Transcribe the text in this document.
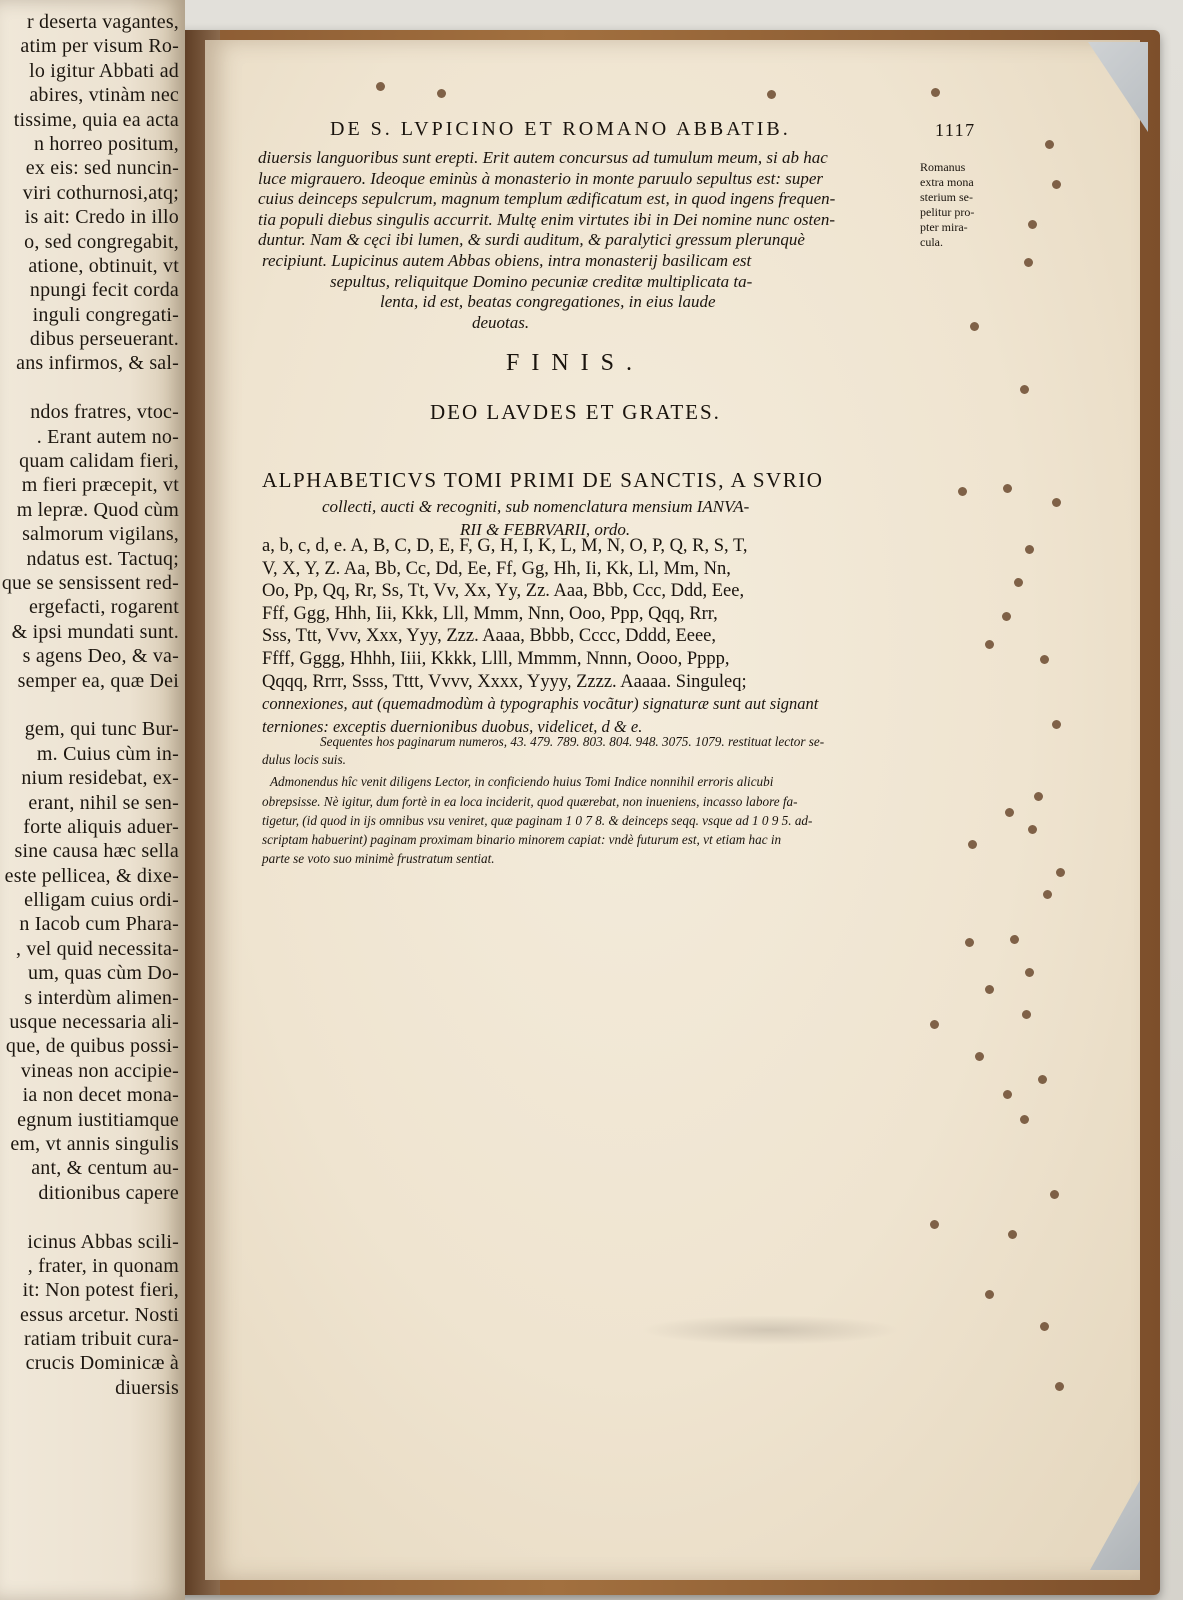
r deserta vagantes,
atim per visum Ro-
lo igitur Abbati ad
abires, vtinàm nec
tissime, quia ea acta
n horreo positum,
ex eis: sed nuncin-
viri cothurnosi,atq;
is ait: Credo in illo
o, sed congregabit,
atione, obtinuit, vt
npungi fecit corda
inguli congregati-
dibus perseuerant.
ans infirmos, & sal-
ndos fratres, vtoc-
. Erant autem no-
quam calidam fieri,
m fieri præcepit, vt
m lepræ. Quod cùm
salmorum vigilans,
ndatus est. Tactuq;
que se sensissent red-
ergefacti, rogarent
& ipsi mundati sunt.
s agens Deo, & va-
semper ea, quæ Dei
gem, qui tunc Bur-
m. Cuius cùm in-
nium residebat, ex-
erant, nihil se sen-
forte aliquis aduer-
sine causa hæc sella
este pellicea, & dixe-
elligam cuius ordi-
n Iacob cum Phara-
, vel quid necessita-
um, quas cùm Do-
s interdùm alimen-
usque necessaria ali-
que, de quibus possi-
vineas non accipie-
ia non decet mona-
egnum iustitiamque
em, vt annis singulis
ant, & centum au-
ditionibus capere
icinus Abbas scili-
, frater, in quonam
it: Non potest fieri,
essus arcetur. Nosti
ratiam tribuit cura-
crucis Dominicæ à
diuersis
DE S. LVPICINO ET ROMANO ABBATIB.	1117
diuersis languoribus sunt erepti. Erit autem concursus ad tumulum meum, si ab hac
luce migrauero. Ideoque eminùs à monasterio in monte paruulo sepultus est: super
cuius deinceps sepulcrum, magnum templum ædificatum est, in quod ingens frequen-
tia populi diebus singulis accurrit. Multę enim virtutes ibi in Dei nomine nunc osten-
duntur. Nam & cęci ibi lumen, & surdi auditum, & paralytici gressum plerunquè
recipiunt. Lupicinus autem Abbas obiens, intra monasterij basilicam est
sepultus, reliquitque Domino pecuniæ creditæ multiplicata ta-
lenta, id est, beatas congregationes, in eius laude
deuotas.
Romanus
extra mona
sterium se-
pelitur pro-
pter mira-
cula.
FINIS.
DEO LAVDES ET GRATES.
ALPHABETICVS TOMI PRIMI DE SANCTIS, A SVRIO
collecti, aucti & recogniti, sub nomenclatura mensium IANVA-
RII & FEBRVARII, ordo.
a, b, c, d, e. A, B, C, D, E, F, G, H, I, K, L, M, N, O, P, Q, R, S, T,
V, X, Y, Z. Aa, Bb, Cc, Dd, Ee, Ff, Gg, Hh, Ii, Kk, Ll, Mm, Nn,
Oo, Pp, Qq, Rr, Ss, Tt, Vv, Xx, Yy, Zz. Aaa, Bbb, Ccc, Ddd, Eee,
Fff, Ggg, Hhh, Iii, Kkk, Lll, Mmm, Nnn, Ooo, Ppp, Qqq, Rrr,
Sss, Ttt, Vvv, Xxx, Yyy, Zzz. Aaaa, Bbbb, Cccc, Dddd, Eeee,
Ffff, Gggg, Hhhh, Iiii, Kkkk, Llll, Mmmm, Nnnn, Oooo, Pppp,
Qqqq, Rrrr, Ssss, Tttt, Vvvv, Xxxx, Yyyy, Zzzz. Aaaaa. Singuleq;
connexiones, aut (quemadmodùm à typographis vocãtur) signaturæ sunt aut signant
terniones: exceptis duernionibus duobus, videlicet, d & e.
Sequentes hos paginarum numeros, 43. 479. 789. 803. 804. 948. 3075. 1079. restituat lector se-
dulus locis suis.
Admonendus hîc venit diligens Lector, in conficiendo huius Tomi Indice nonnihil erroris alicubi
obrepsisse. Nè igitur, dum fortè in ea loca inciderit, quod quærebat, non inueniens, incasso labore fa-
tigetur, (id quod in ijs omnibus vsu veniret, quæ paginam 1 0 7 8. & deinceps seqq. vsque ad 1 0 9 5. ad-
scriptam habuerint) paginam proximam binario minorem capiat: vndè futurum est, vt etiam hac in
parte se voto suo minimè frustratum sentiat.
